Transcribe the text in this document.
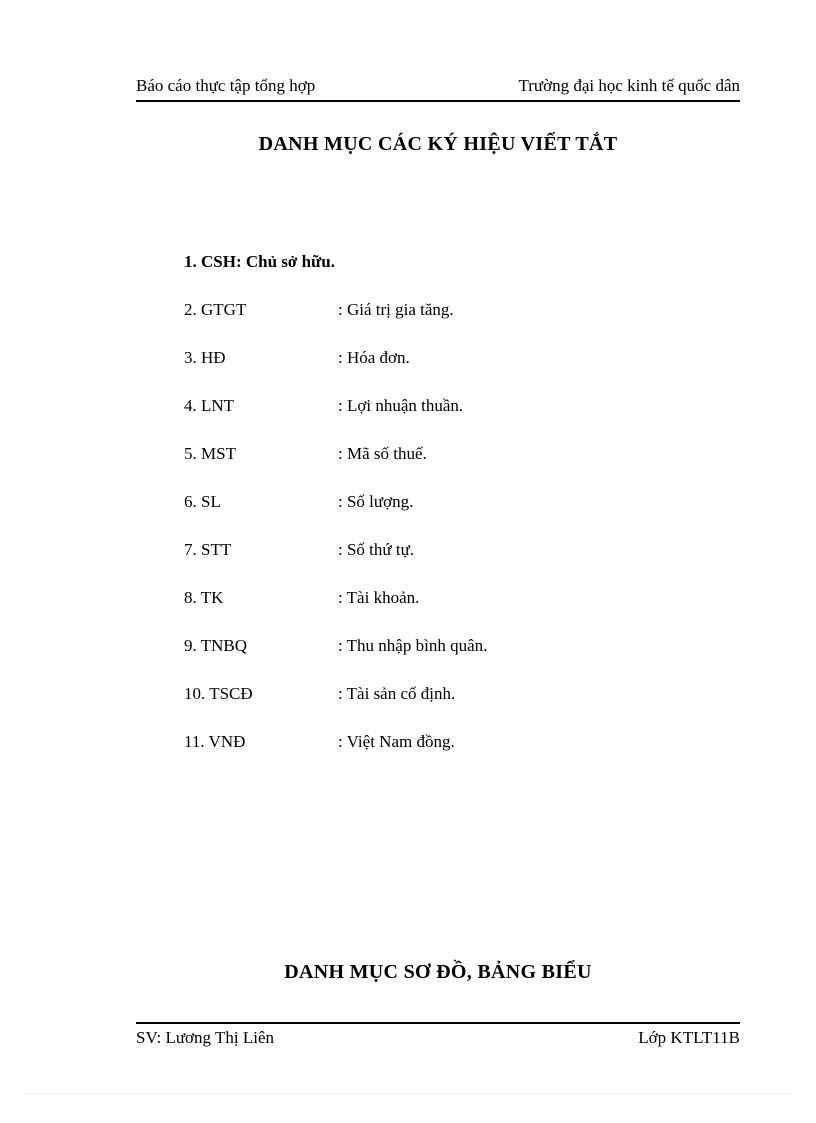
Báo cáo thực tập tổng hợp	Trường đại học kinh tế quốc dân
DANH MỤC CÁC KÝ HIỆU VIẾT TẮT
1. CSH: Chủ sở hữu.
2. GTGT	: Giá trị gia tăng.
3. HĐ	: Hóa đơn.
4. LNT	: Lợi nhuận thuần.
5. MST	: Mã số thuế.
6. SL	: Số lượng.
7. STT	: Số thứ tự.
8. TK	: Tài khoản.
9. TNBQ	: Thu nhập bình quân.
10. TSCĐ	: Tài sản cố định.
11. VNĐ	: Việt Nam đồng.
DANH MỤC SƠ ĐỒ, BẢNG BIỂU
SV: Lương Thị Liên	Lớp KTLT11B
